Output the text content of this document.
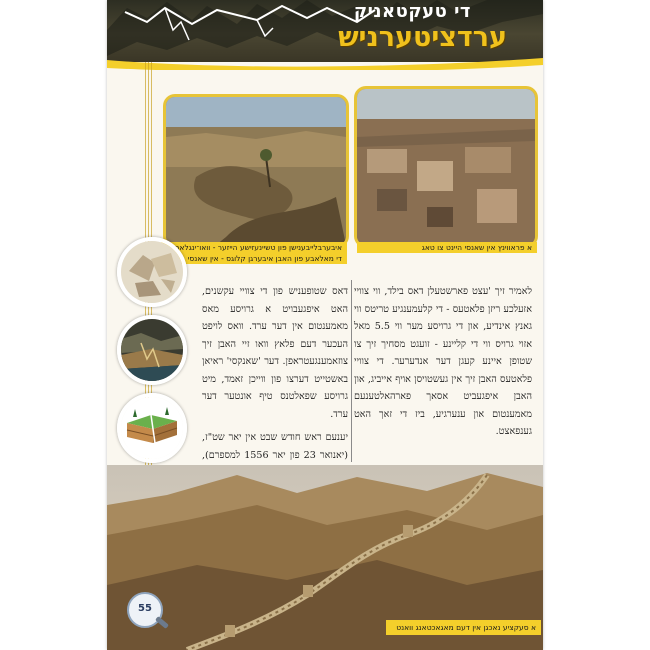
די טעקטאניק
ערדציטערניש
איבערבלייבענישן פון טשיינעזישע הייזער - וואו־ינגלאך
די מאלאבע פון האבן איבערגן קלוגס - אין שאנסי
א פראווינץ אין שאנסי היינט צו טאג
לאמיר זיך 'עצט פארשטעלן דאס בילד, ווי צוויי אזעלכע ריזן פלאטעס - די קלעמענגיע טריטס ווי גאנץ אינדיע, און די גרויסע מער ווי 5.5 מאל אזוי גרויס ווי די קליינע - זועגט מסחיך זיך צו שטופן איינע קעגן דער אנדערער. די צוויי פלאטעס האבן זיך אין געשטויסן אויף אייביג, און האבן איפגעביט אסאך פארהאלטענעם מאמענטום און ענערגיע, ביז די זאך האט גענפאצט.
דאס שטופעניש פון די צוויי עקשנים, האט איפגעבויט א גרויסע מאס מאמענטום אין דער ערד. וואס לויפט העכער דעם פלאץ וואו זיי האבן זיך צוזאמענגעטראפן. דער 'שאנקסי' ראיאן באשטייט דערצו פון ווייכן זאמד, מיט גרויסע שפאלטנס טיף אונטער דער ערד.
יענעם ראש חודש שבט אין יאר שט"ז, (יאנואר 23 פון יאר 1556 למספרם),
א סעקציע נאכגן אין דעם מאגאכטאנג וואנט
55
